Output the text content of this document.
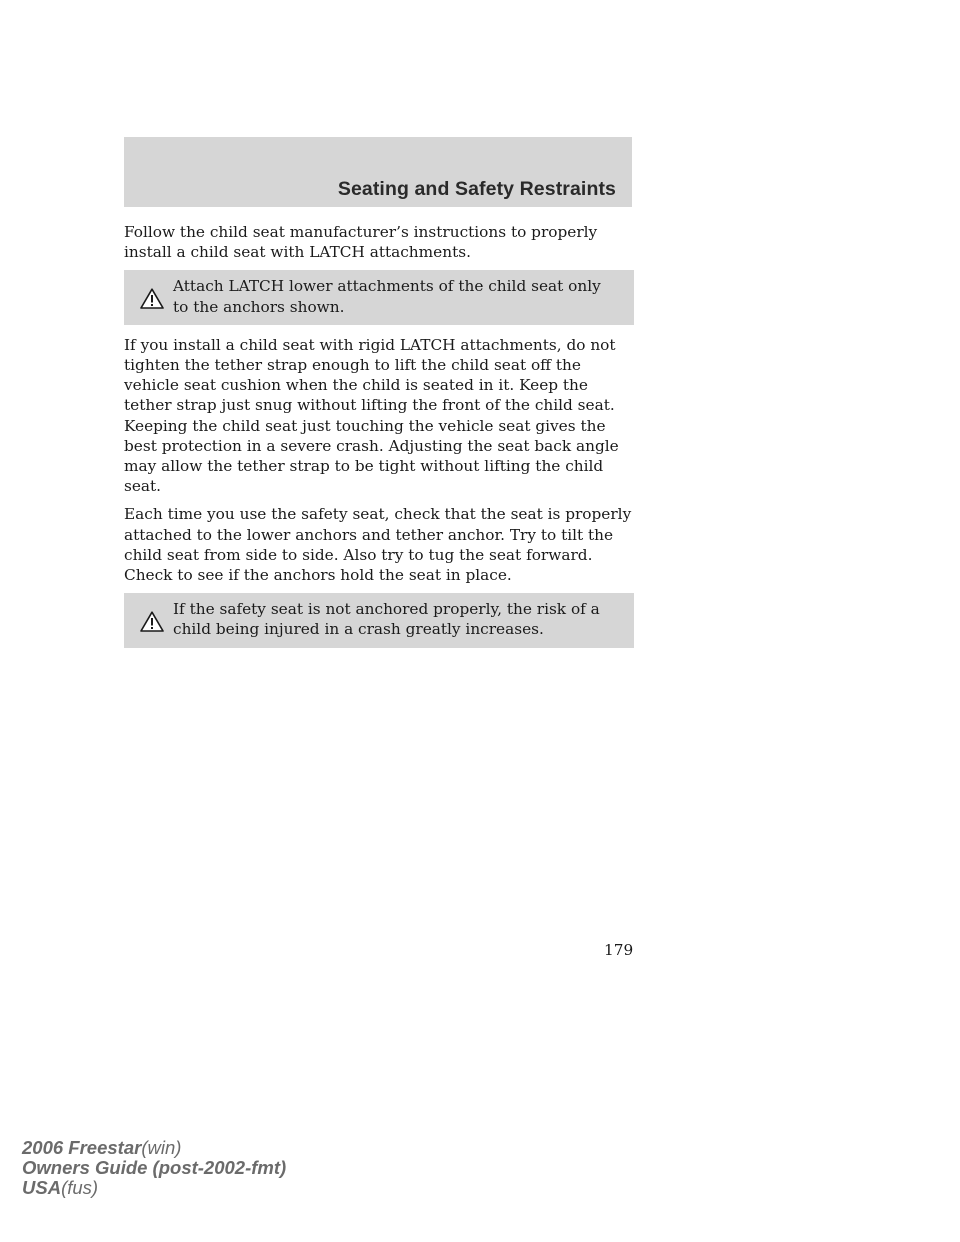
Seating and Safety Restraints

Follow the child seat manufacturer’s instructions to properly install a child seat with LATCH attachments.

Attach LATCH lower attachments of the child seat only to the anchors shown.

If you install a child seat with rigid LATCH attachments, do not tighten the tether strap enough to lift the child seat off the vehicle seat cushion when the child is seated in it. Keep the tether strap just snug without lifting the front of the child seat. Keeping the child seat just touching the vehicle seat gives the best protection in a severe crash. Adjusting the seat back angle may allow the tether strap to be tight without lifting the child seat.

Each time you use the safety seat, check that the seat is properly attached to the lower anchors and tether anchor. Try to tilt the child seat from side to side. Also try to tug the seat forward. Check to see if the anchors hold the seat in place.

If the safety seat is not anchored properly, the risk of a child being injured in a crash greatly increases.
179
2006 Freestar(win)
Owners Guide (post-2002-fmt)
USA(fus)
